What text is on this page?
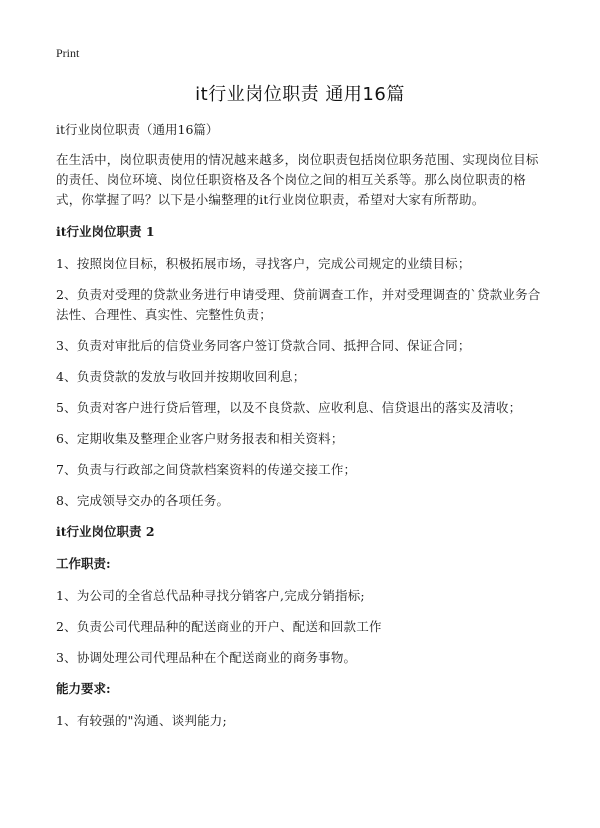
Print
it行业岗位职责 通用16篇

it行业岗位职责（通用16篇）

在生活中，岗位职责使用的情况越来越多，岗位职责包括岗位职务范围、实现岗位目标的责任、岗位环境、岗位任职资格及各个岗位之间的相互关系等。那么岗位职责的格式，你掌握了吗？以下是小编整理的it行业岗位职责，希望对大家有所帮助。

it行业岗位职责 1

1、按照岗位目标，积极拓展市场，寻找客户，完成公司规定的业绩目标；

2、负责对受理的贷款业务进行申请受理、贷前调查工作，并对受理调查的`贷款业务合法性、合理性、真实性、完整性负责；

3、负责对审批后的信贷业务同客户签订贷款合同、抵押合同、保证合同；

4、负责贷款的发放与收回并按期收回利息；

5、负责对客户进行贷后管理，以及不良贷款、应收利息、信贷退出的落实及清收；

6、定期收集及整理企业客户财务报表和相关资料；

7、负责与行政部之间贷款档案资料的传递交接工作；

8、完成领导交办的各项任务。

it行业岗位职责 2

工作职责:

1、为公司的全省总代品种寻找分销客户,完成分销指标;

2、负责公司代理品种的配送商业的开户、配送和回款工作

3、协调处理公司代理品种在个配送商业的商务事物。

能力要求:

1、有较强的"沟通、谈判能力;
